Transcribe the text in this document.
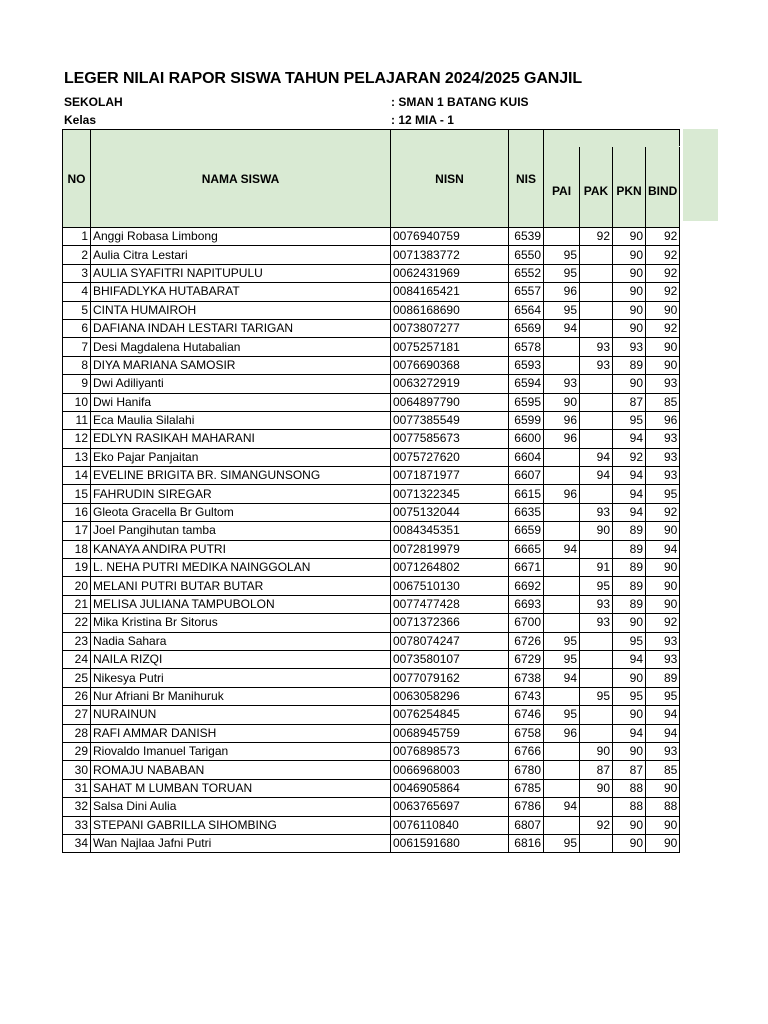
LEGER NILAI RAPOR SISWA TAHUN PELAJARAN 2024/2025 GANJIL
SEKOLAH	: SMAN 1 BATANG KUIS
Kelas	: 12 MIA - 1
NO	NAMA SISWA	NISN	NIS				
				PAI	PAK	PKN	BIND
1	Anggi Robasa Limbong	0076940759	6539		92	90	92
2	Aulia Citra Lestari	0071383772	6550	95		90	92
3	AULIA SYAFITRI NAPITUPULU	0062431969	6552	95		90	92
4	BHIFADLYKA HUTABARAT	0084165421	6557	96		90	92
5	CINTA HUMAIROH	0086168690	6564	95		90	90
6	DAFIANA INDAH LESTARI TARIGAN	0073807277	6569	94		90	92
7	Desi Magdalena Hutabalian	0075257181	6578		93	93	90
8	DIYA MARIANA SAMOSIR	0076690368	6593		93	89	90
9	Dwi Adiliyanti	0063272919	6594	93		90	93
10	Dwi Hanifa	0064897790	6595	90		87	85
11	Eca Maulia Silalahi	0077385549	6599	96		95	96
12	EDLYN RASIKAH MAHARANI	0077585673	6600	96		94	93
13	Eko Pajar Panjaitan	0075727620	6604		94	92	93
14	EVELINE BRIGITA BR. SIMANGUNSONG	0071871977	6607		94	94	93
15	FAHRUDIN SIREGAR	0071322345	6615	96		94	95
16	Gleota Gracella Br Gultom	0075132044	6635		93	94	92
17	Joel Pangihutan tamba	0084345351	6659		90	89	90
18	KANAYA ANDIRA PUTRI	0072819979	6665	94		89	94
19	L. NEHA PUTRI MEDIKA NAINGGOLAN	0071264802	6671		91	89	90
20	MELANI PUTRI BUTAR BUTAR	0067510130	6692		95	89	90
21	MELISA JULIANA TAMPUBOLON	0077477428	6693		93	89	90
22	Mika Kristina Br Sitorus	0071372366	6700		93	90	92
23	Nadia Sahara	0078074247	6726	95		95	93
24	NAILA RIZQI	0073580107	6729	95		94	93
25	Nikesya Putri	0077079162	6738	94		90	89
26	Nur Afriani Br Manihuruk	0063058296	6743		95	95	95
27	NURAINUN	0076254845	6746	95		90	94
28	RAFI AMMAR DANISH	0068945759	6758	96		94	94
29	Riovaldo Imanuel Tarigan	0076898573	6766		90	90	93
30	ROMAJU NABABAN	0066968003	6780		87	87	85
31	SAHAT M LUMBAN TORUAN	0046905864	6785		90	88	90
32	Salsa Dini Aulia	0063765697	6786	94		88	88
33	STEPANI GABRILLA SIHOMBING	0076110840	6807		92	90	90
34	Wan Najlaa Jafni Putri	0061591680	6816	95		90	90
